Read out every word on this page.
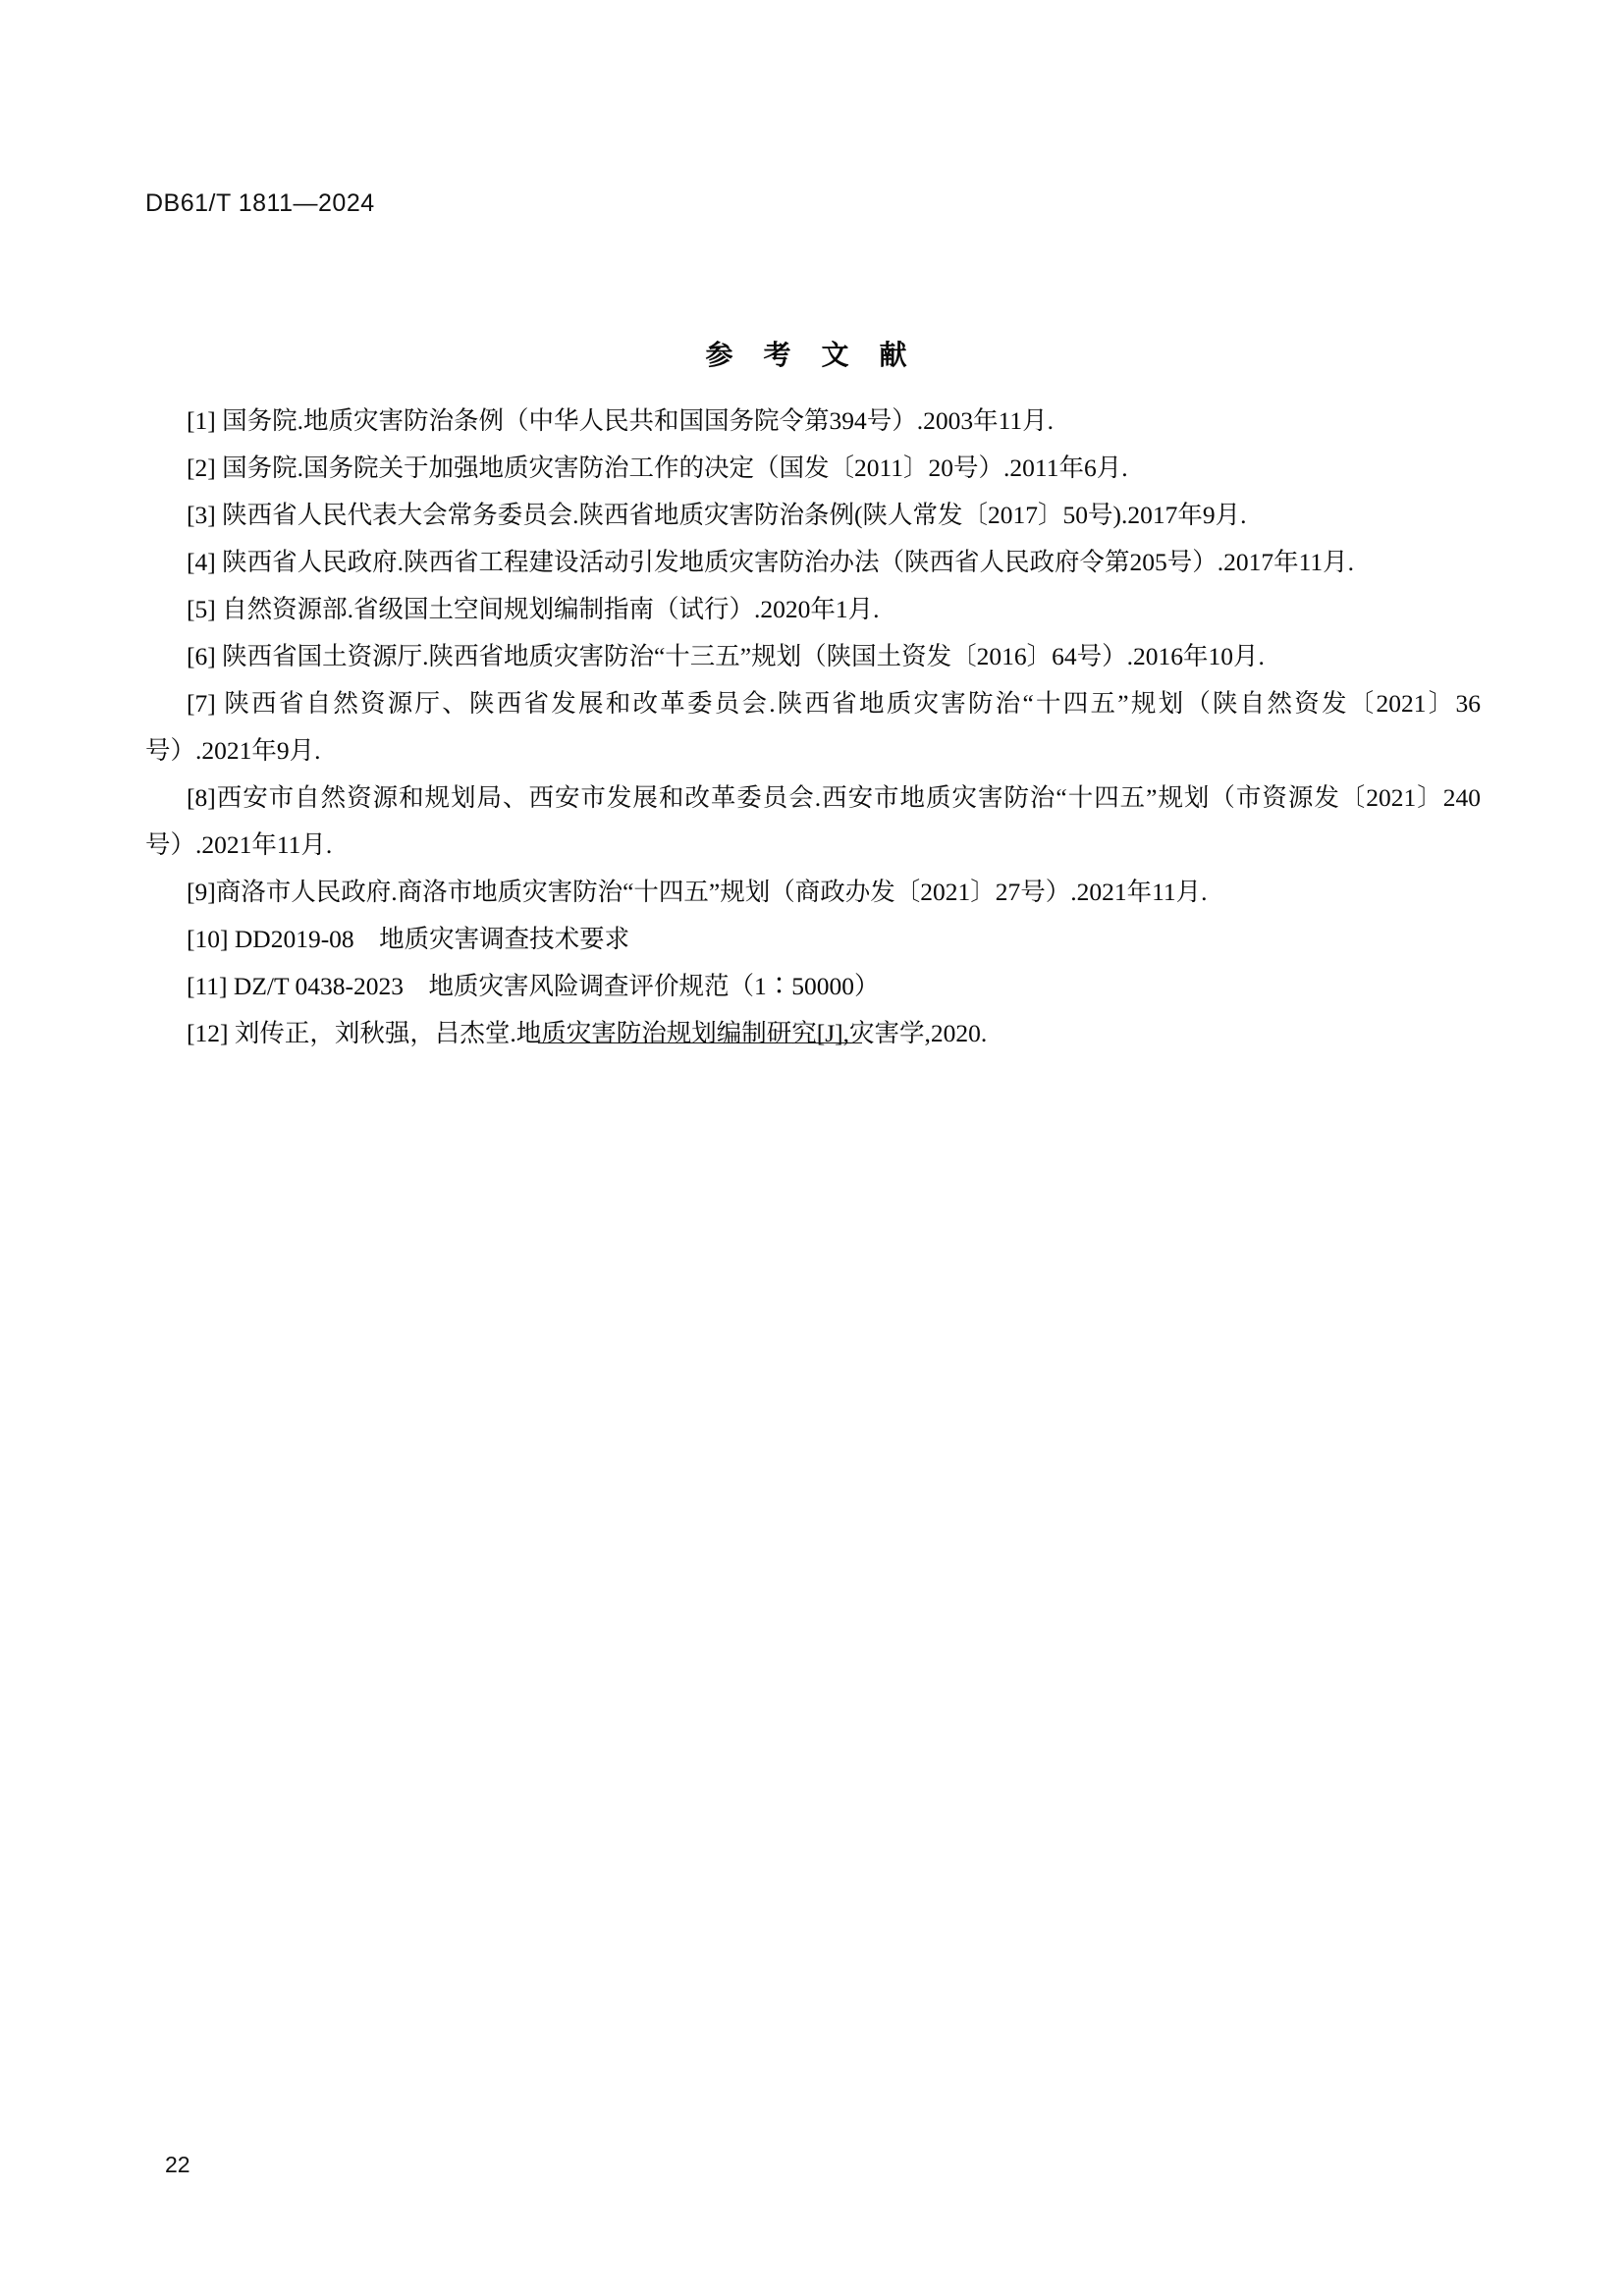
DB61/T 1811—2024
参 考 文 献

[1] 国务院.地质灾害防治条例（中华人民共和国国务院令第394号）.2003年11月.

[2] 国务院.国务院关于加强地质灾害防治工作的决定（国发〔2011〕20号）.2011年6月.

[3] 陕西省人民代表大会常务委员会.陕西省地质灾害防治条例(陕人常发〔2017〕50号).2017年9月.

[4] 陕西省人民政府.陕西省工程建设活动引发地质灾害防治办法（陕西省人民政府令第205号）.2017年11月.

[5] 自然资源部.省级国土空间规划编制指南（试行）.2020年1月.

[6] 陕西省国土资源厅.陕西省地质灾害防治“十三五”规划（陕国土资发〔2016〕64号）.2016年10月.

[7] 陕西省自然资源厅、陕西省发展和改革委员会.陕西省地质灾害防治“十四五”规划（陕自然资发〔2021〕36号）.2021年9月.

[8]西安市自然资源和规划局、西安市发展和改革委员会.西安市地质灾害防治“十四五”规划（市资源发〔2021〕240号）.2021年11月.

[9]商洛市人民政府.商洛市地质灾害防治“十四五”规划（商政办发〔2021〕27号）.2021年11月.

[10] DD2019-08　地质灾害调查技术要求

[11] DZ/T 0438-2023　地质灾害风险调查评价规范（1∶50000）

[12] 刘传正，刘秋强，吕杰堂.地质灾害防治规划编制研究[J],灾害学,2020.

22
